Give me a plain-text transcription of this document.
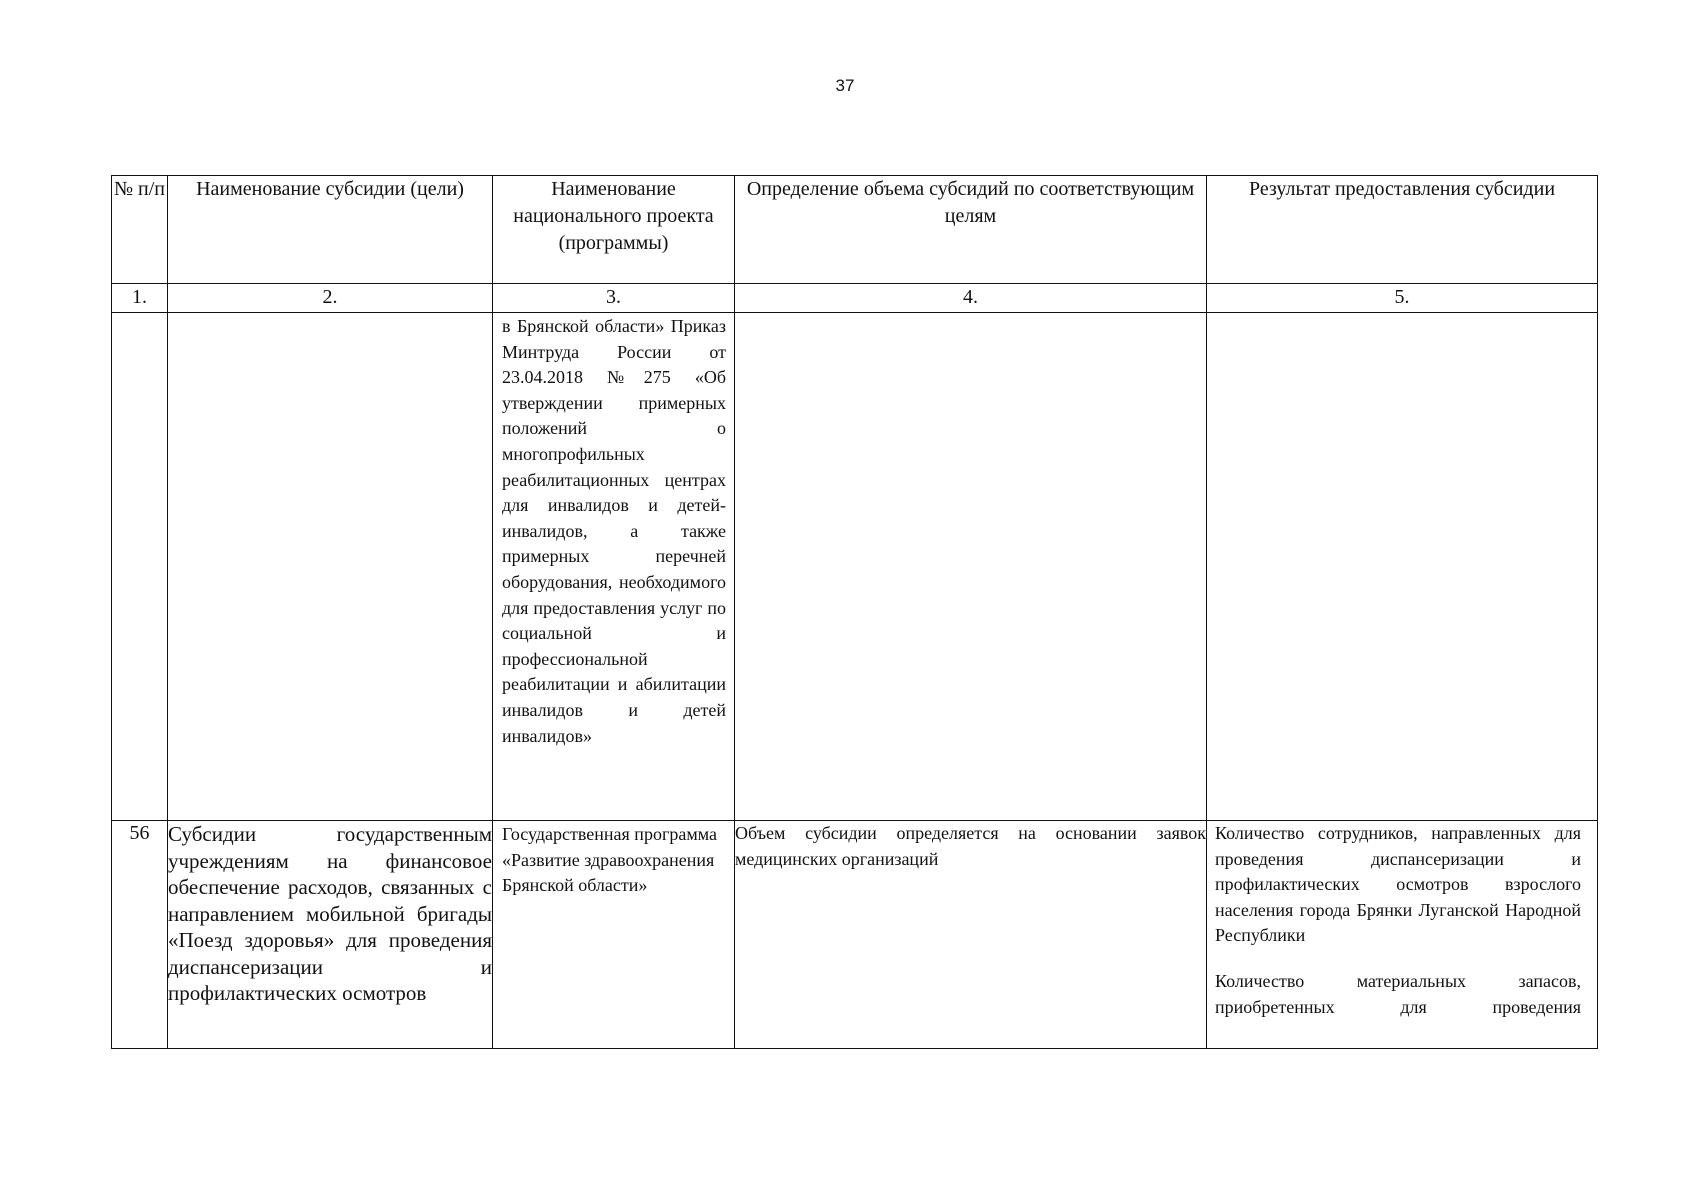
37
№ п/п	Наименование субсидии (цели)	Наименование национального проекта (программы)	Определение объема субсидий по соответствующим целям	Результат предоставления субсидии
1.	2.	3.	4.	5.
		в Брянской области» Приказ Минтруда России от 23.04.2018 №275 «Об утверждении примерных положений о многопрофильных реабилитационных центрах для инвалидов и детей-инвалидов, а также примерных перечней оборудования, необходимого для предоставления услуг по социальной и профессиональной реабилитации и абилитации инвалидов и детей инвалидов»		
56	Субсидии государственным учреждениям на финансовое обеспечение расходов, связанных с направлением мобильной бригады «Поезд здоровья» для проведения диспансеризации и профилактических осмотров	Государственная программа «Развитие здравоохранения Брянской области»	Объем субсидии определяется на основании заявок медицинских организаций	Количество сотрудников, направленных для проведения диспансеризации и профилактических осмотров взрослого населения города Брянки Луганской Народной Республики
Количество материальных запасов, приобретенных для проведения
